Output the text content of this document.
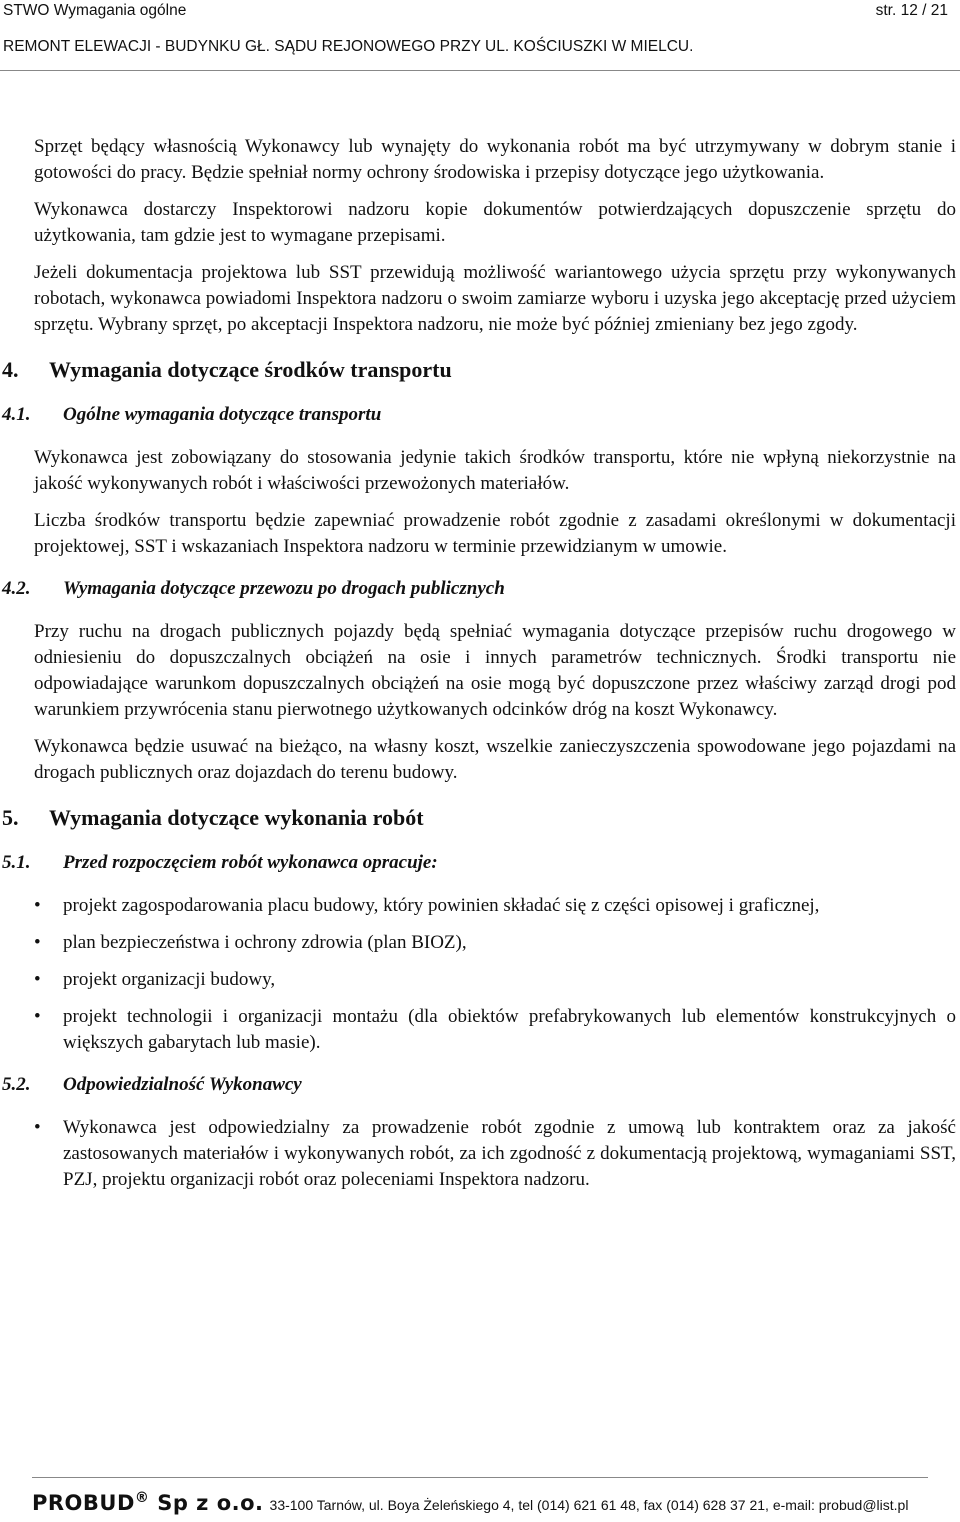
STWO Wymagania ogólne	str. 12 / 21
REMONT ELEWACJI - BUDYNKU GŁ. SĄDU REJONOWEGO PRZY UL. KOŚCIUSZKI W MIELCU.

Sprzęt będący własnością Wykonawcy lub wynajęty do wykonania robót ma być utrzymywany w dobrym stanie i gotowości do pracy. Będzie spełniał normy ochrony środowiska i przepisy dotyczące jego użytkowania.

Wykonawca dostarczy Inspektorowi nadzoru kopie dokumentów potwierdzających dopuszczenie sprzętu do użytkowania, tam gdzie jest to wymagane przepisami.

Jeżeli dokumentacja projektowa lub SST przewidują możliwość wariantowego użycia sprzętu przy wykonywanych robotach, wykonawca powiadomi Inspektora nadzoru o swoim zamiarze wyboru i uzyska jego akceptację przed użyciem sprzętu. Wybrany sprzęt, po akceptacji Inspektora nadzoru, nie może być później zmieniany bez jego zgody.

4. Wymagania dotyczące środków transportu
4.1. Ogólne wymagania dotyczące transportu

Wykonawca jest zobowiązany do stosowania jedynie takich środków transportu, które nie wpłyną niekorzystnie na jakość wykonywanych robót i właściwości przewożonych materiałów.

Liczba środków transportu będzie zapewniać prowadzenie robót zgodnie z zasadami określonymi w dokumentacji projektowej, SST i wskazaniach Inspektora nadzoru w terminie przewidzianym w umowie.

4.2. Wymagania dotyczące przewozu po drogach publicznych

Przy ruchu na drogach publicznych pojazdy będą spełniać wymagania dotyczące przepisów ruchu drogowego w odniesieniu do dopuszczalnych obciążeń na osie i innych parametrów technicznych. Środki transportu nie odpowiadające warunkom dopuszczalnych obciążeń na osie mogą być dopuszczone przez właściwy zarząd drogi pod warunkiem przywrócenia stanu pierwotnego użytkowanych odcinków dróg na koszt Wykonawcy.

Wykonawca będzie usuwać na bieżąco, na własny koszt, wszelkie zanieczyszczenia spowodowane jego pojazdami na drogach publicznych oraz dojazdach do terenu budowy.

5. Wymagania dotyczące wykonania robót
5.1. Przed rozpoczęciem robót wykonawca opracuje:
• projekt zagospodarowania placu budowy, który powinien składać się z części opisowej i graficznej,
• plan bezpieczeństwa i ochrony zdrowia (plan BIOZ),
• projekt organizacji budowy,
• projekt technologii i organizacji montażu (dla obiektów prefabrykowanych lub elementów konstrukcyjnych o większych gabarytach lub masie).
5.2. Odpowiedzialność Wykonawcy
• Wykonawca jest odpowiedzialny za prowadzenie robót zgodnie z umową lub kontraktem oraz za jakość zastosowanych materiałów i wykonywanych robót, za ich zgodność z dokumentacją projektową, wymaganiami SST, PZJ, projektu organizacji robót oraz poleceniami Inspektora nadzoru.
PROBUD® Sp z o.o. 33-100 Tarnów, ul. Boya Żeleńskiego 4, tel (014) 621 61 48, fax (014) 628 37 21, e-mail: probud@list.pl
